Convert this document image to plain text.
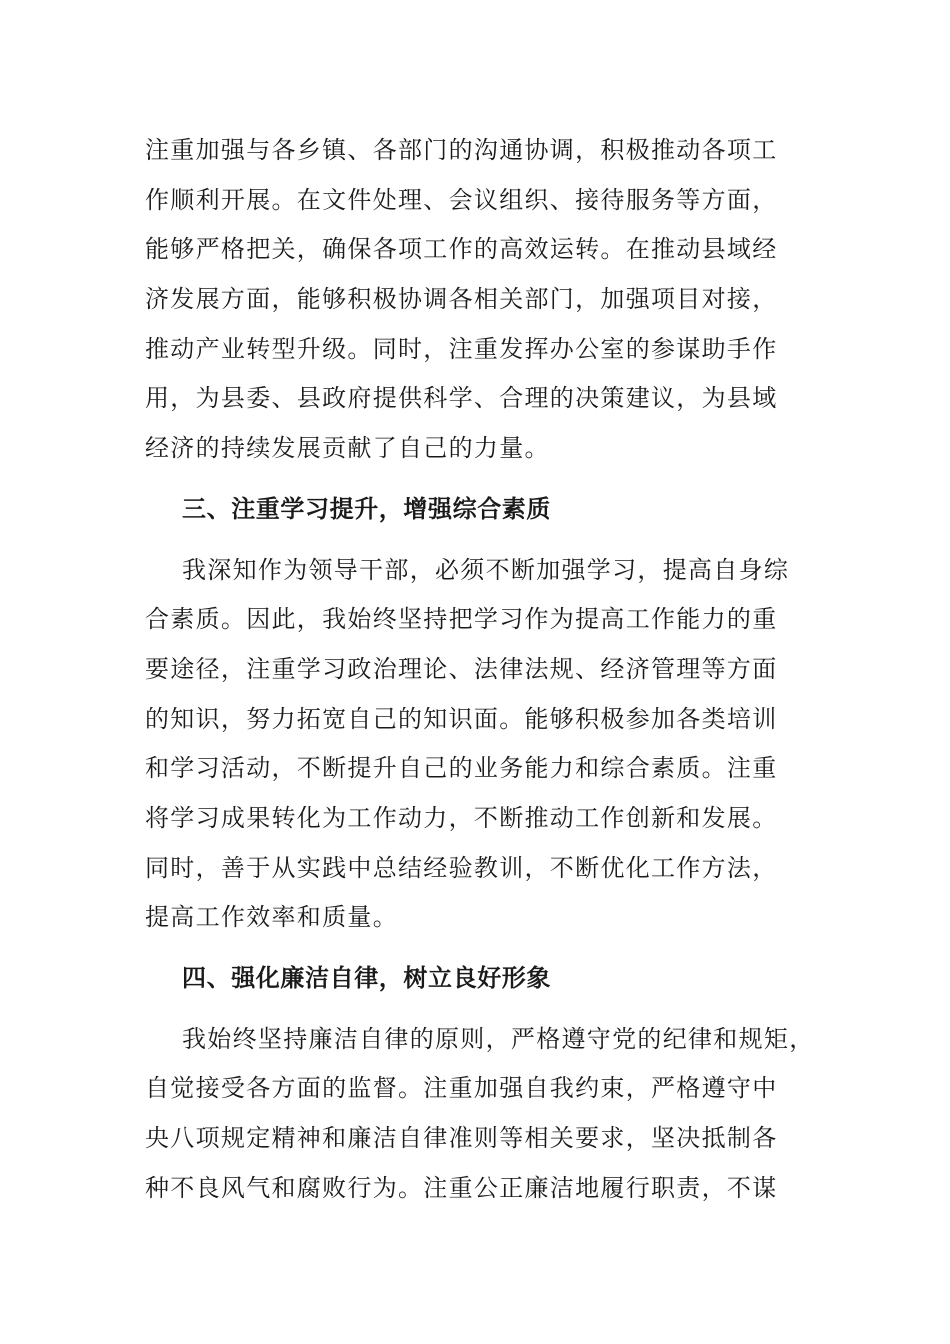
注重加强与各乡镇、各部门的沟通协调，积极推动各项工
作顺利开展。在文件处理、会议组织、接待服务等方面，
能够严格把关，确保各项工作的高效运转。在推动县域经
济发展方面，能够积极协调各相关部门，加强项目对接，
推动产业转型升级。同时，注重发挥办公室的参谋助手作
用，为县委、县政府提供科学、合理的决策建议，为县域
经济的持续发展贡献了自己的力量。
三、注重学习提升，增强综合素质
我深知作为领导干部，必须不断加强学习，提高自身综
合素质。因此，我始终坚持把学习作为提高工作能力的重
要途径，注重学习政治理论、法律法规、经济管理等方面
的知识，努力拓宽自己的知识面。能够积极参加各类培训
和学习活动，不断提升自己的业务能力和综合素质。注重
将学习成果转化为工作动力，不断推动工作创新和发展。
同时，善于从实践中总结经验教训，不断优化工作方法，
提高工作效率和质量。
四、强化廉洁自律，树立良好形象
我始终坚持廉洁自律的原则，严格遵守党的纪律和规矩，
自觉接受各方面的监督。注重加强自我约束，严格遵守中
央八项规定精神和廉洁自律准则等相关要求，坚决抵制各
种不良风气和腐败行为。注重公正廉洁地履行职责，不谋
